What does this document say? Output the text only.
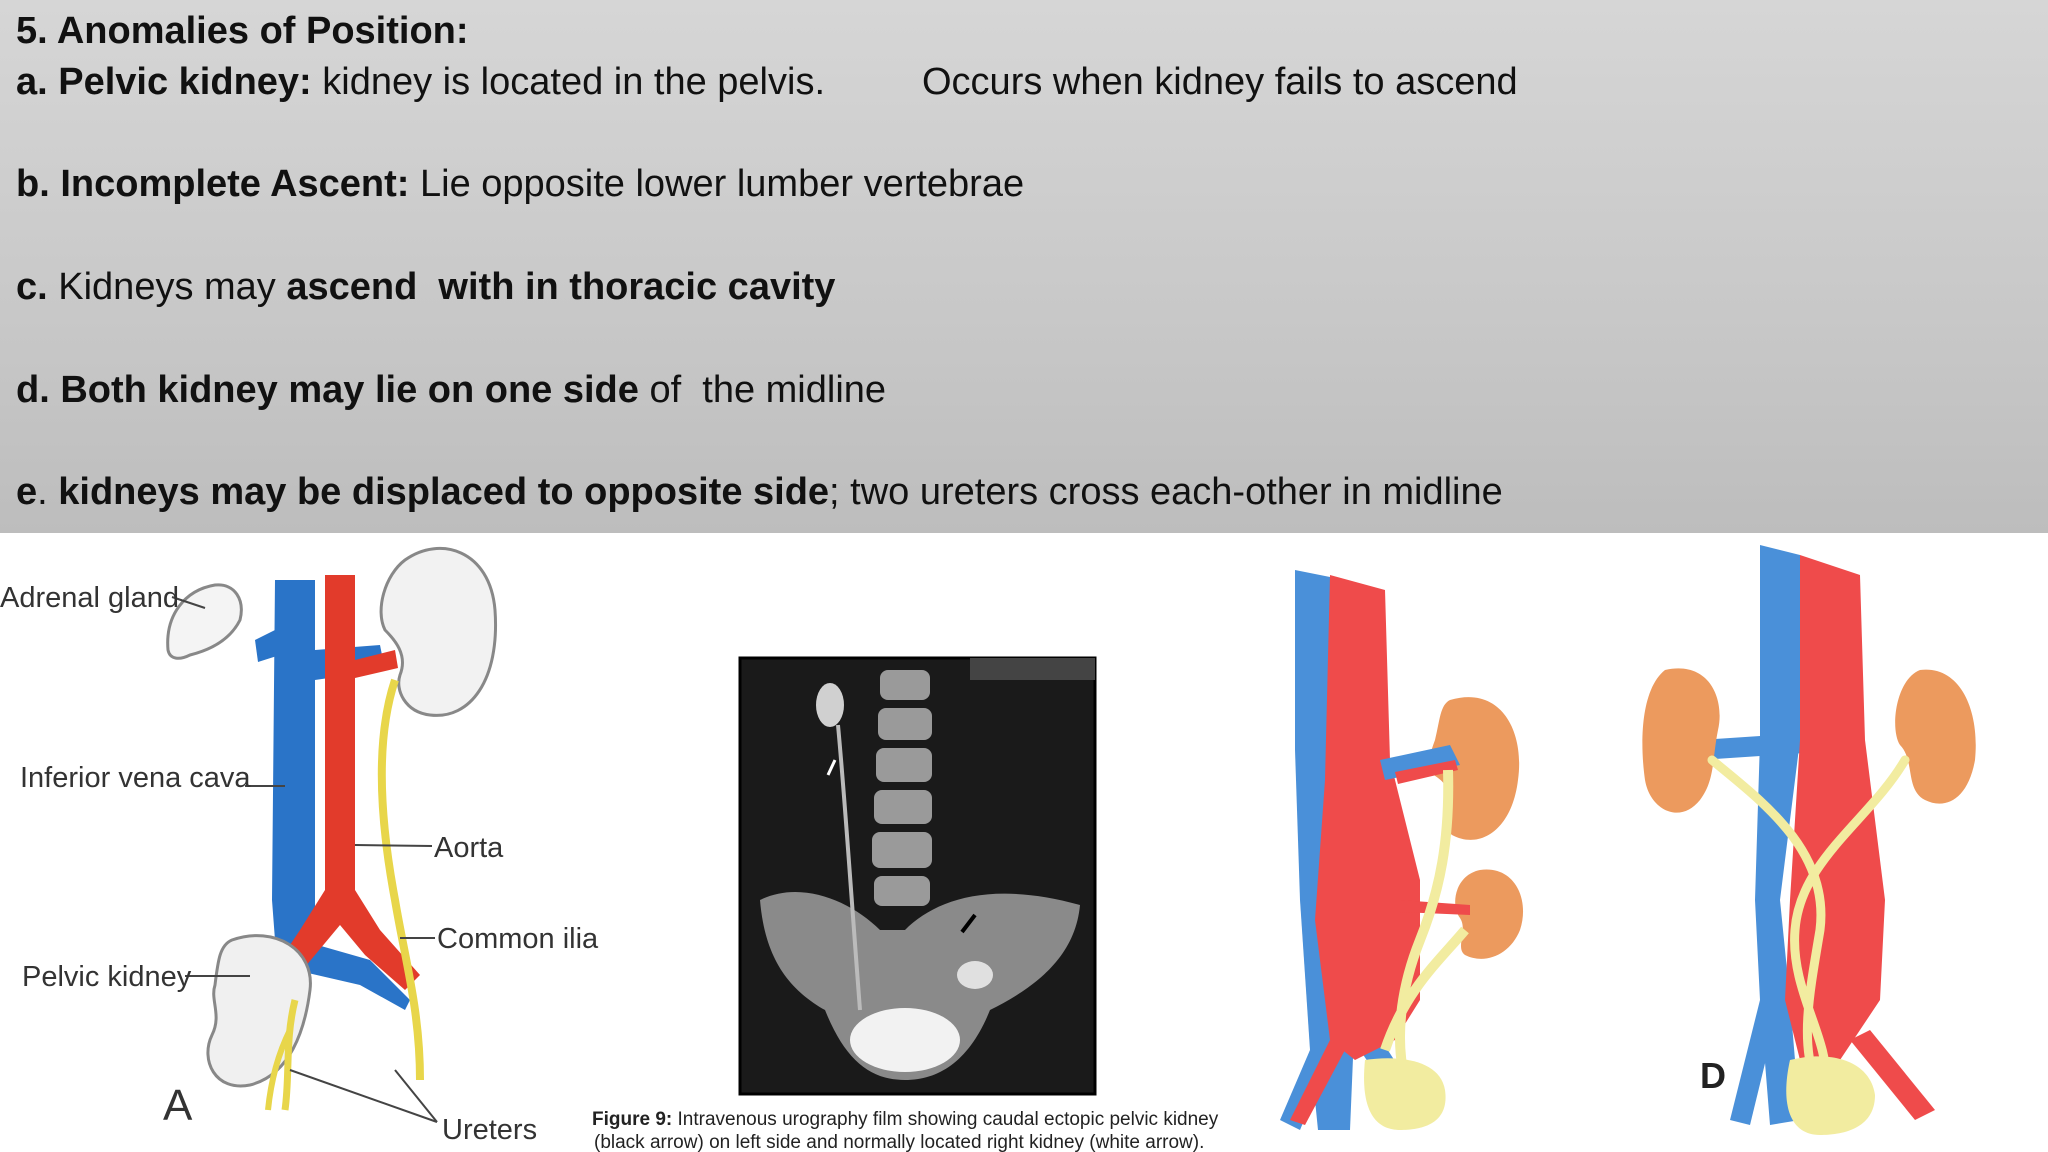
5. Anomalies of Position:
a. Pelvic kidney: kidney is located in the pelvis.	Occurs when kidney fails to ascend
b. Incomplete Ascent: Lie opposite lower lumber vertebrae
c. Kidneys may ascend  with in thoracic cavity
d. Both kidney may lie on one side of  the midline
e. kidneys may be displaced to opposite side; two ureters cross each-other in midline
Adrenal gland
Inferior vena cava
Aorta
Common ilia
Pelvic kidney
Ureters
A	Figure 9: Intravenous urography film showing caudal ectopic pelvic kidney
(black arrow) on left side and normally located right kidney (white arrow).
D
